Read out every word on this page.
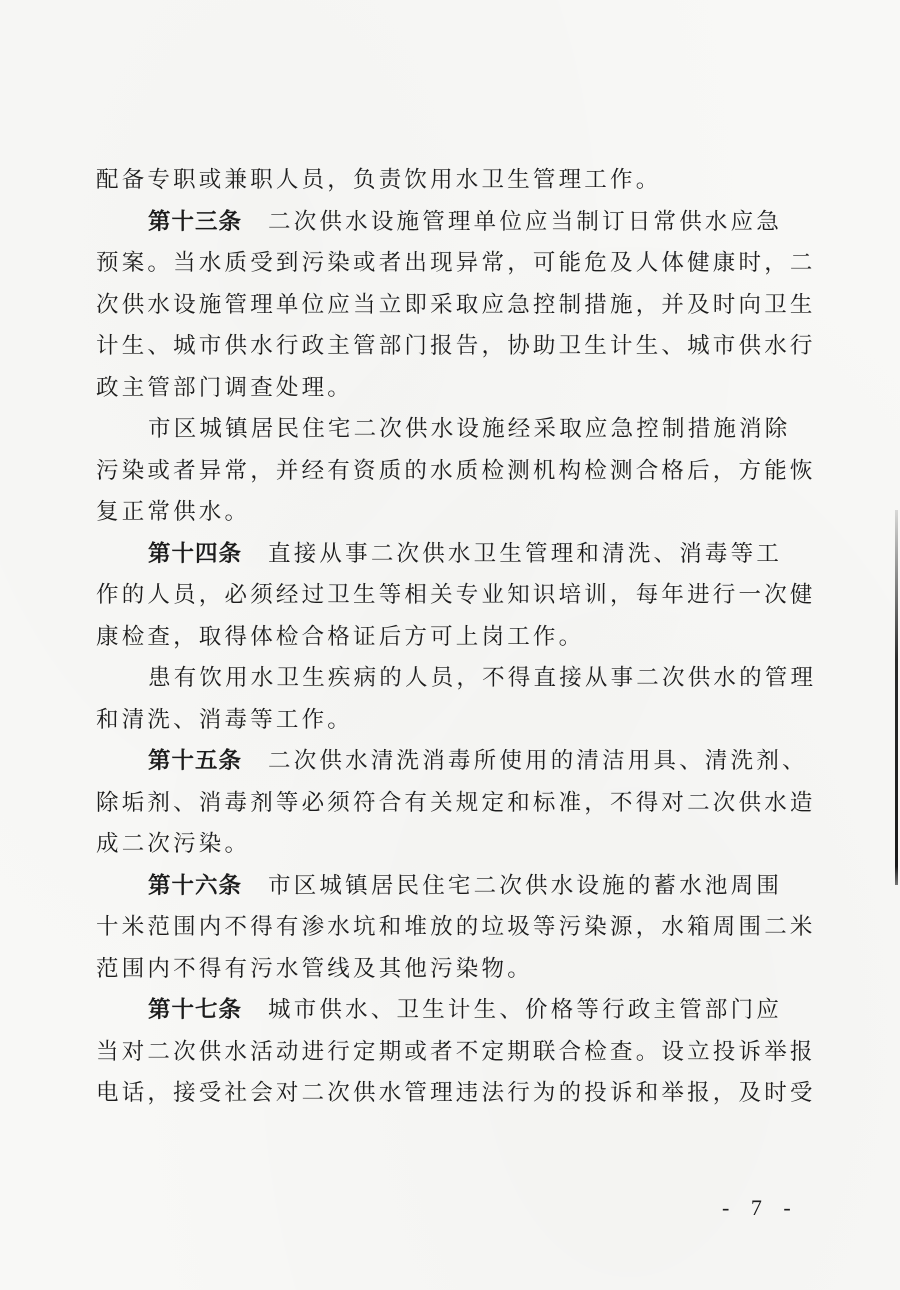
配备专职或兼职人员，负责饮用水卫生管理工作。
第十三条 二次供水设施管理单位应当制订日常供水应急
预案。当水质受到污染或者出现异常，可能危及人体健康时，二
次供水设施管理单位应当立即采取应急控制措施，并及时向卫生
计生、城市供水行政主管部门报告，协助卫生计生、城市供水行
政主管部门调查处理。
市区城镇居民住宅二次供水设施经采取应急控制措施消除
污染或者异常，并经有资质的水质检测机构检测合格后，方能恢
复正常供水。
第十四条 直接从事二次供水卫生管理和清洗、消毒等工
作的人员，必须经过卫生等相关专业知识培训，每年进行一次健
康检查，取得体检合格证后方可上岗工作。
患有饮用水卫生疾病的人员，不得直接从事二次供水的管理
和清洗、消毒等工作。
第十五条 二次供水清洗消毒所使用的清洁用具、清洗剂、
除垢剂、消毒剂等必须符合有关规定和标准，不得对二次供水造
成二次污染。
第十六条 市区城镇居民住宅二次供水设施的蓄水池周围
十米范围内不得有渗水坑和堆放的垃圾等污染源，水箱周围二米
范围内不得有污水管线及其他污染物。
第十七条 城市供水、卫生计生、价格等行政主管部门应
当对二次供水活动进行定期或者不定期联合检查。设立投诉举报
电话，接受社会对二次供水管理违法行为的投诉和举报，及时受
- 7 -
